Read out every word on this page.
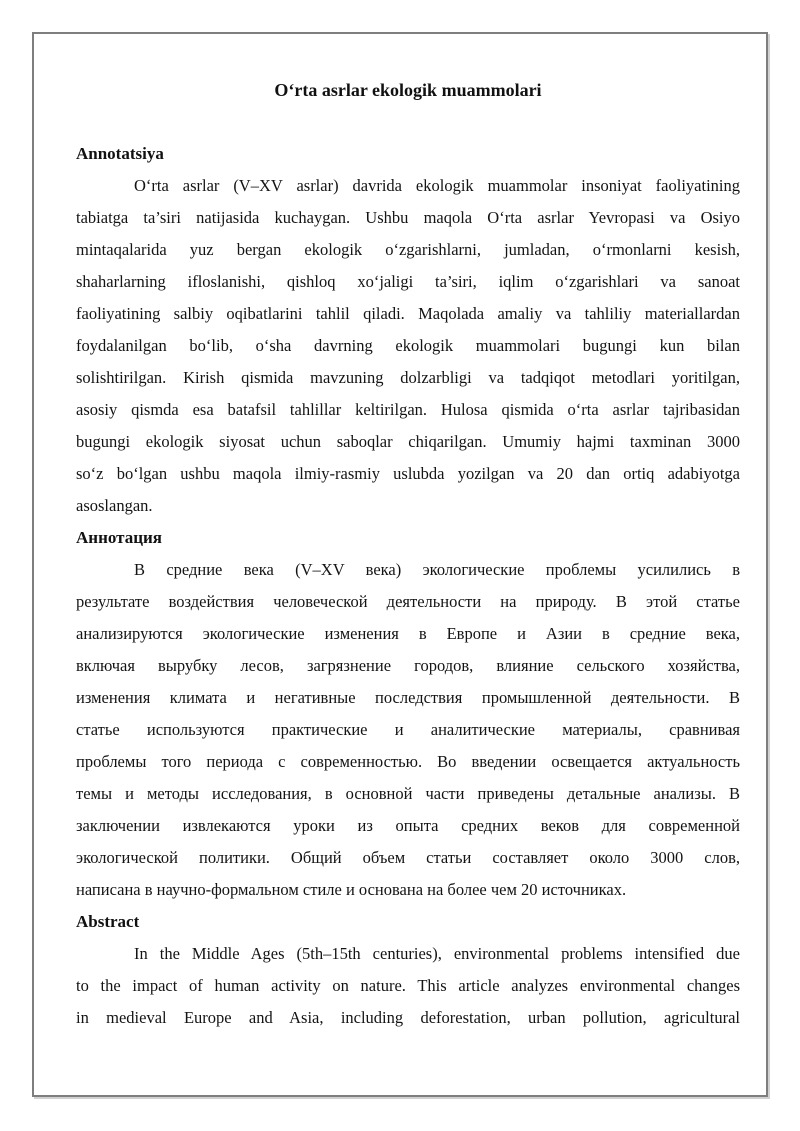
O‘rta asrlar ekologik muammolari
Annotatsiya
O‘rta asrlar (V–XV asrlar) davrida ekologik muammolar insoniyat faoliyatining
tabiatga ta’siri natijasida kuchaygan. Ushbu maqola O‘rta asrlar Yevropasi va Osiyo
mintaqalarida yuz bergan ekologik o‘zgarishlarni, jumladan, o‘rmonlarni kesish,
shaharlarning ifloslanishi, qishloq xo‘jaligi ta’siri, iqlim o‘zgarishlari va sanoat
faoliyatining salbiy oqibatlarini tahlil qiladi. Maqolada amaliy va tahliliy materiallardan
foydalanilgan bo‘lib, o‘sha davrning ekologik muammolari bugungi kun bilan
solishtirilgan. Kirish qismida mavzuning dolzarbligi va tadqiqot metodlari yoritilgan,
asosiy qismda esa batafsil tahlillar keltirilgan. Hulosa qismida o‘rta asrlar tajribasidan
bugungi ekologik siyosat uchun saboqlar chiqarilgan. Umumiy hajmi taxminan 3000
so‘z bo‘lgan ushbu maqola ilmiy-rasmiy uslubda yozilgan va 20 dan ortiq adabiyotga
asoslangan.
Аннотация
В средние века (V–XV века) экологические проблемы усилились в
результате воздействия человеческой деятельности на природу. В этой статье
анализируются экологические изменения в Европе и Азии в средние века,
включая вырубку лесов, загрязнение городов, влияние сельского хозяйства,
изменения климата и негативные последствия промышленной деятельности. В
статье используются практические и аналитические материалы, сравнивая
проблемы того периода с современностью. Во введении освещается актуальность
темы и методы исследования, в основной части приведены детальные анализы. В
заключении извлекаются уроки из опыта средних веков для современной
экологической политики. Общий объем статьи составляет около 3000 слов,
написана в научно-формальном стиле и основана на более чем 20 источниках.
Abstract
In the Middle Ages (5th–15th centuries), environmental problems intensified due
to the impact of human activity on nature. This article analyzes environmental changes
in medieval Europe and Asia, including deforestation, urban pollution, agricultural
